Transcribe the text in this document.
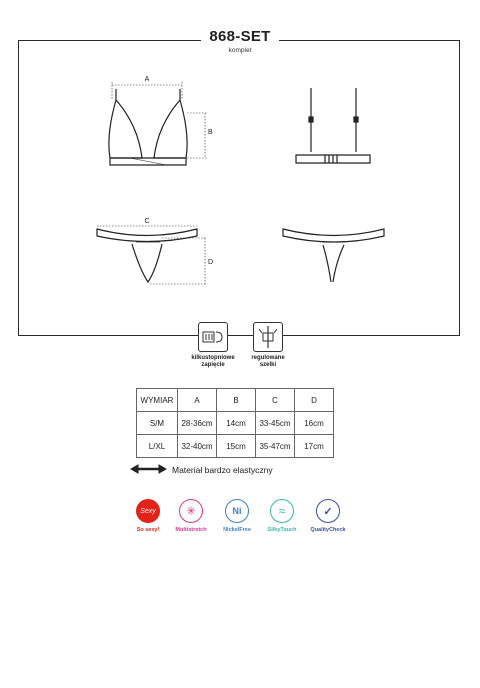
868-SET
komplet
A
B
C
D
kilkustopniowe
zapięcie
regulowane
szelki
WYMIAR	A	B	C	D
S/M	28-36cm	14cm	33-45cm	16cm
L/XL	32-40cm	15cm	35-47cm	17cm
Materiał bardzo elastyczny
Sexy
So sexy!
✳
Multistretch
Ni
NickelFree
≈
SilkyTouch
✓
QualityCheck
